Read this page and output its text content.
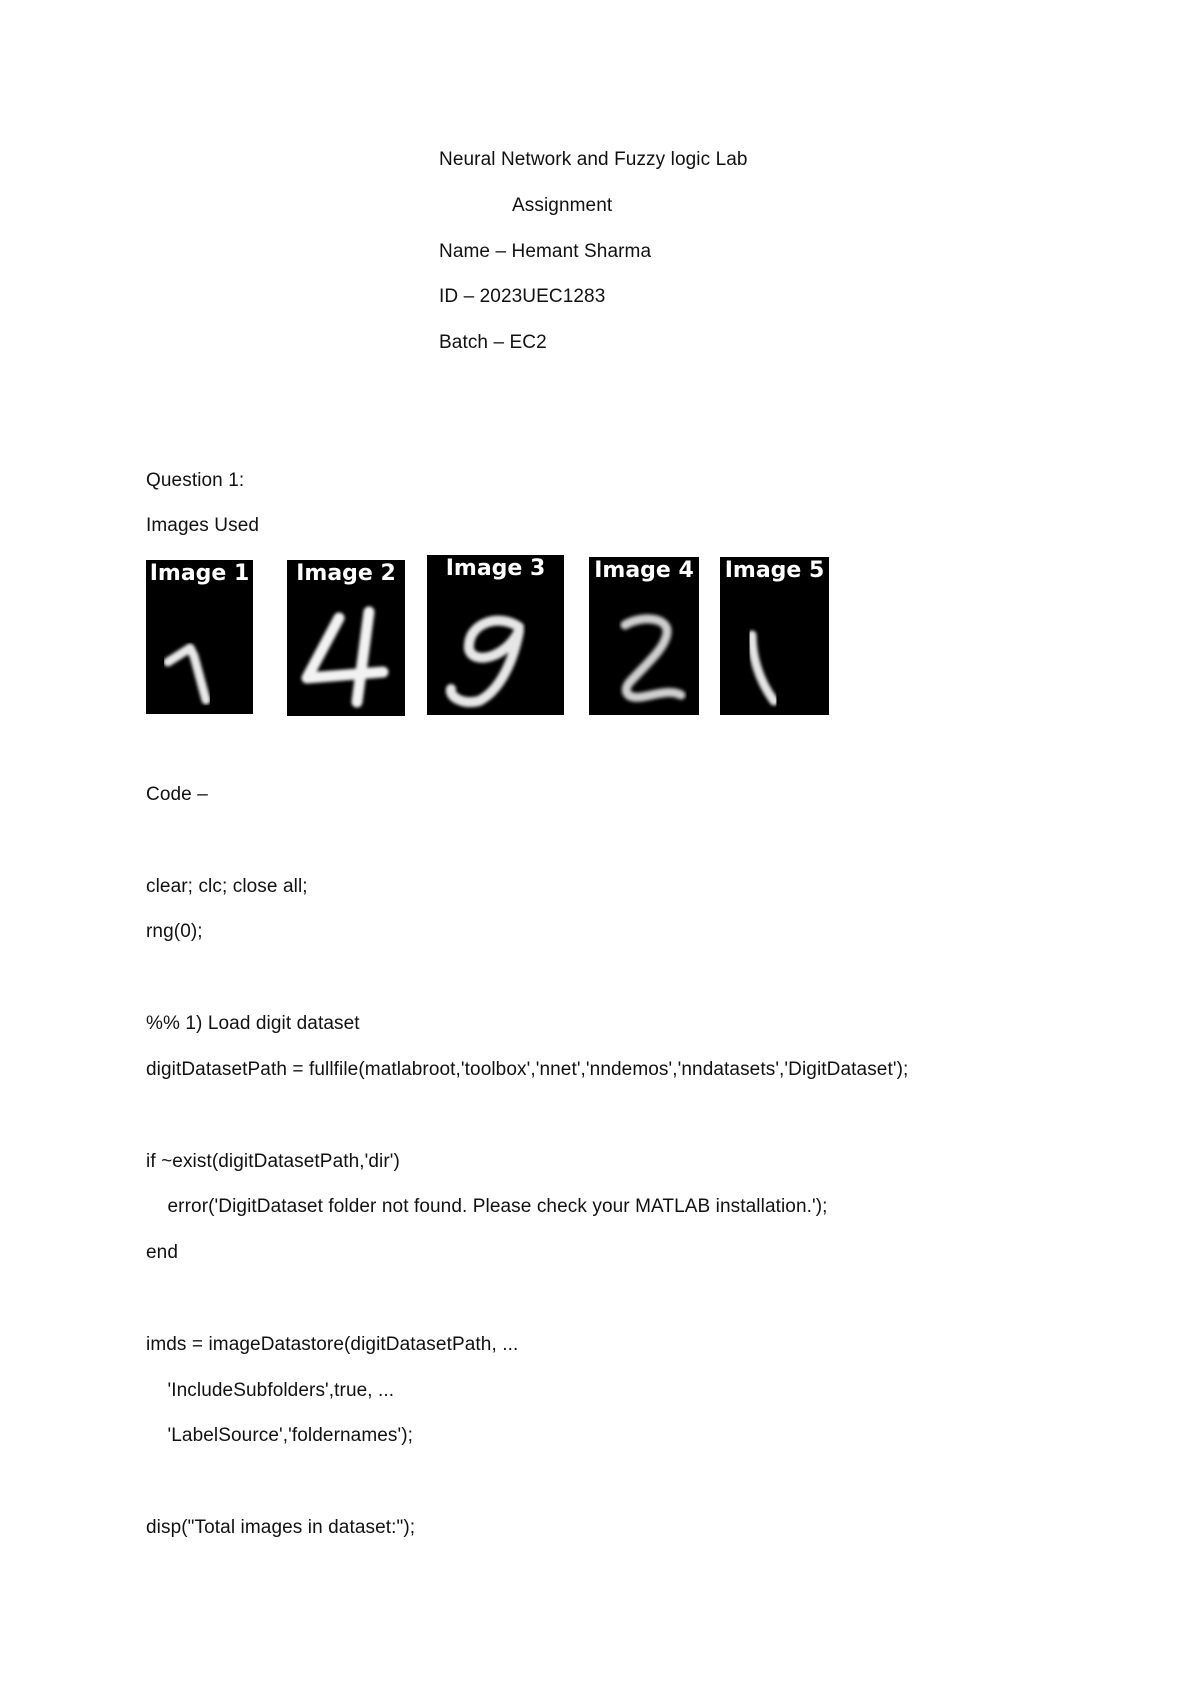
Neural Network and Fuzzy logic Lab
Assignment
Name – Hemant Sharma
ID – 2023UEC1283
Batch – EC2
Question 1:
Images Used
Image 1	Image 2	Image 3	Image 4 Image 5
Code –
clear; clc; close all;
rng(0);
%% 1) Load digit dataset
digitDatasetPath = fullfile(matlabroot,'toolbox','nnet','nndemos','nndatasets','DigitDataset');
if ~exist(digitDatasetPath,'dir')
error('DigitDataset folder not found. Please check your MATLAB installation.');
end
imds = imageDatastore(digitDatasetPath, ...
'IncludeSubfolders',true, ...
'LabelSource','foldernames');
disp("Total images in dataset:");
